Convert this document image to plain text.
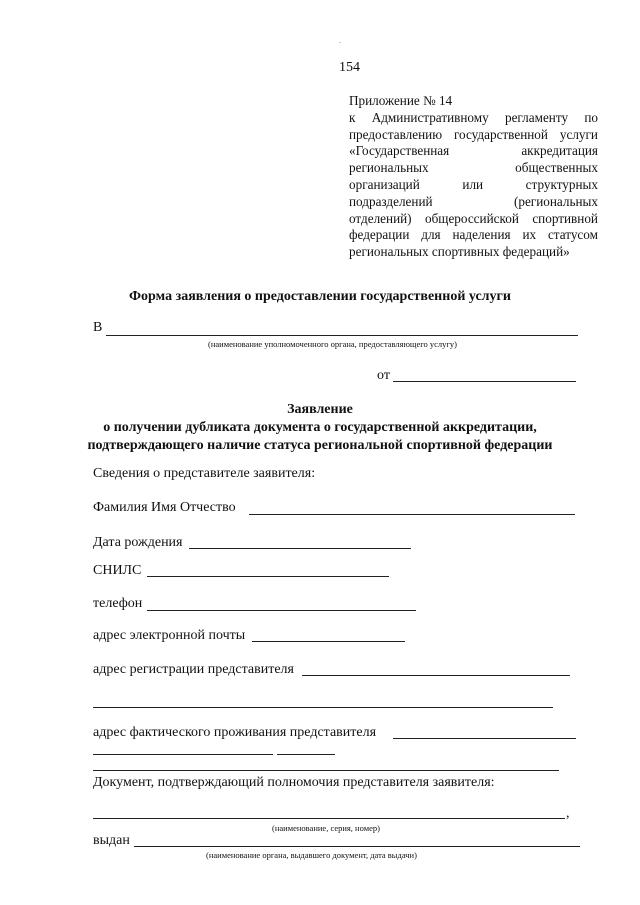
.
154
Приложение № 14
к Административному регламенту по
предоставлению государственной услуги
«Государственная	аккредитация
региональных	общественных
организаций	или	структурных
подразделений	(региональных
отделений) общероссийской спортивной
федерации для наделения их статусом
региональных спортивных федераций»
Форма заявления о предоставлении государственной услуги
В
(наименование уполномоченного органа, предоставляющего услугу)
от
Заявление
о получении дубликата документа о государственной аккредитации,
подтверждающего наличие статуса региональной спортивной федерации
Сведения о представителе заявителя:
Фамилия Имя Отчество
Дата рождения
СНИЛС
телефон
адрес электронной почты
адрес регистрации представителя
адрес фактического проживания представителя
Документ, подтверждающий полномочия представителя заявителя:
,
(наименование, серия, номер)
выдан
(наименование органа, выдавшего документ, дата выдачи)
